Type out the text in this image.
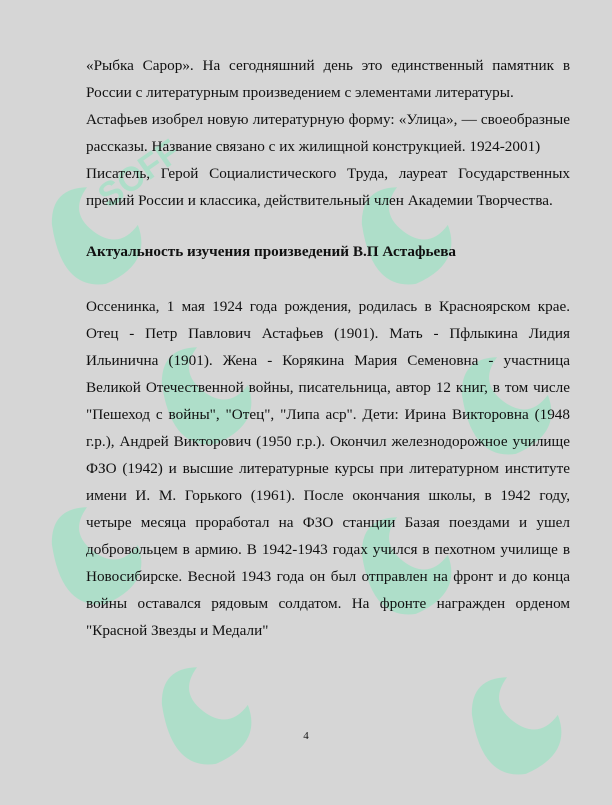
SOFF

«Рыбка Capop». На сегодняшний день это единственный памятник в России с литературным произведением с элементами литературы.

Астафьев изобрел новую литературную форму: «Улица», — своеобразные рассказы. Название связано с их жилищной конструкцией. 1924-2001)

Писатель, Герой Социалистического Труда, лауреат Государственных премий России и классика, действительный член Академии Творчества.

Актуальность изучения произведений В.П Астафьева

Оссенинка, 1 мая 1924 года рождения, родилась в Красноярском крае. Отец - Петр Павлович Астафьев (1901). Мать - Пфлыкина Лидия Ильинична (1901). Жена - Корякина Мария Семеновна - участница Великой Отечественной войны, писательница, автор 12 книг, в том числе "Пешеход с войны", "Отец", "Липа аср". Дети: Ирина Викторовна (1948 г.р.), Андрей Викторович (1950 г.р.). Окончил железнодорожное училище ФЗО (1942) и высшие литературные курсы при литературном институте имени И. М. Горького (1961). После окончания школы, в 1942 году, четыре месяца проработал на ФЗО станции Базая поездами и ушел добровольцем в армию. В 1942-1943 годах учился в пехотном училище в Новосибирске. Весной 1943 года он был отправлен на фронт и до конца войны оставался рядовым солдатом. На фронте награжден орденом "Красной Звезды и Медали"

4
